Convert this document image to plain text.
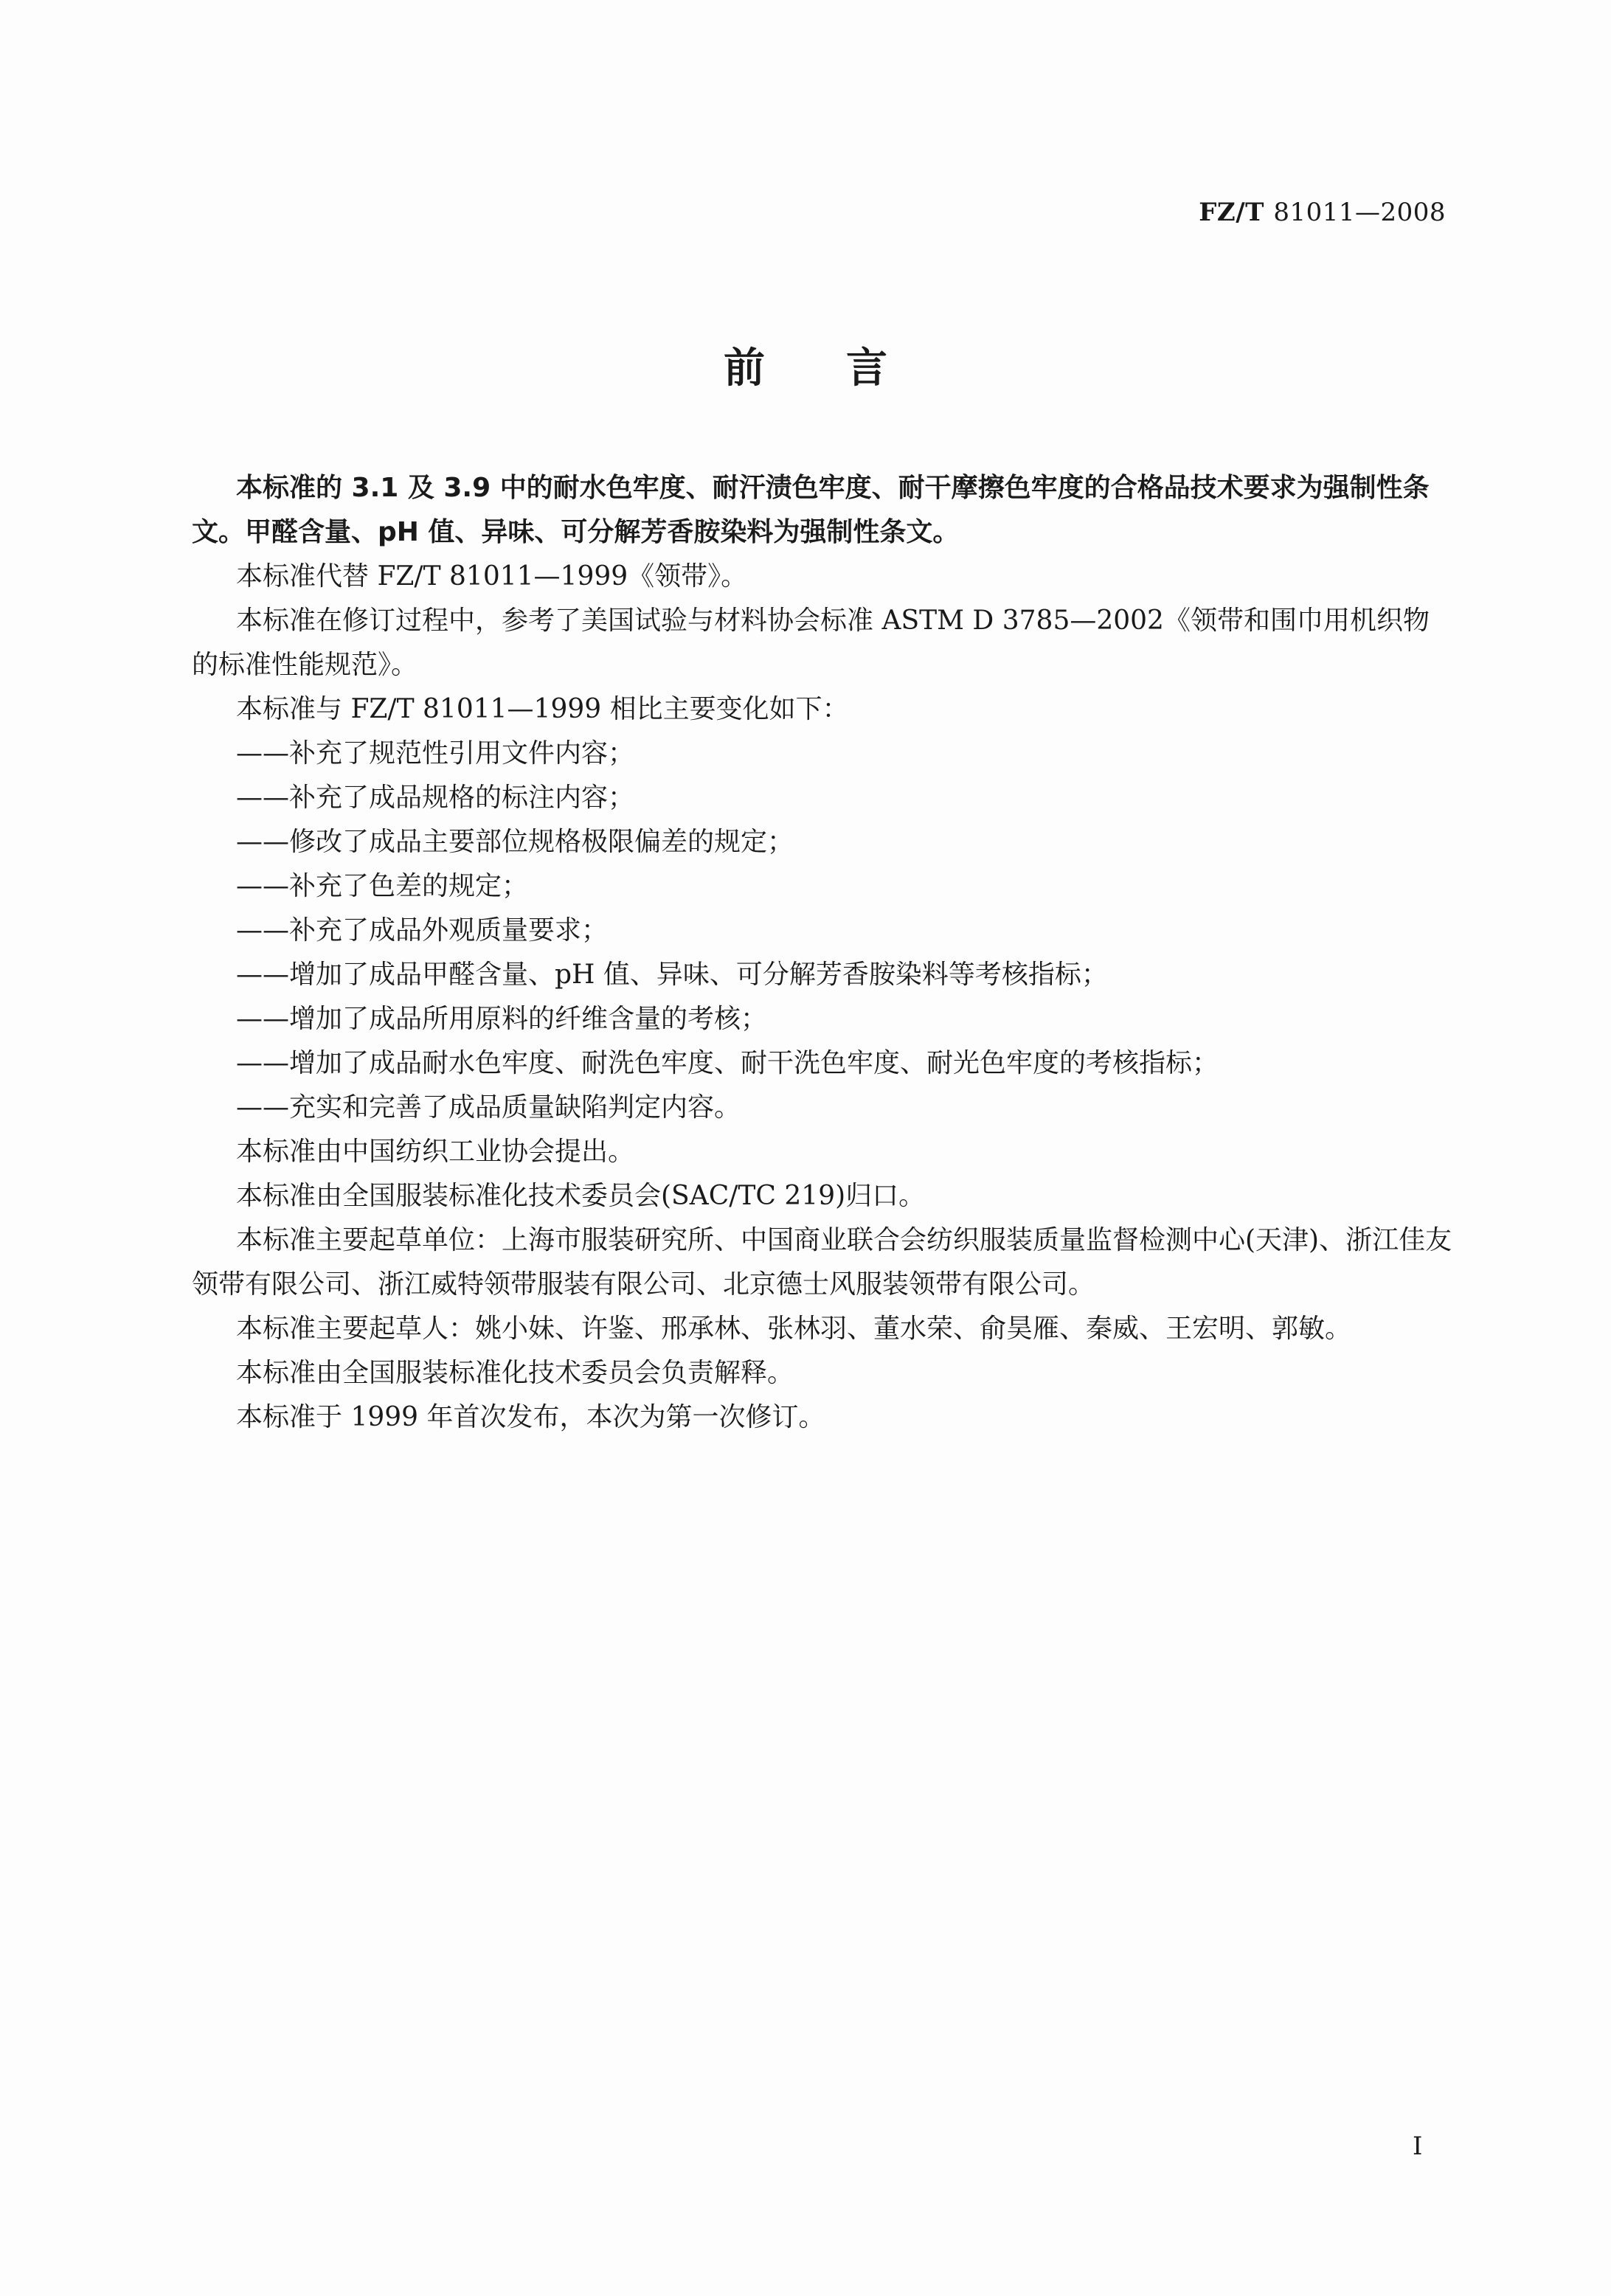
FZ/T 81011—2008
前言

本标准的 3.1 及 3.9 中的耐水色牢度、耐汗渍色牢度、耐干摩擦色牢度的合格品技术要求为强制性条文。甲醛含量、pH 值、异味、可分解芳香胺染料为强制性条文。

本标准代替 FZ/T 81011—1999《领带》。

本标准在修订过程中，参考了美国试验与材料协会标准 ASTM D 3785—2002《领带和围巾用机织物的标准性能规范》。

本标准与 FZ/T 81011—1999 相比主要变化如下：

——补充了规范性引用文件内容；

——补充了成品规格的标注内容；

——修改了成品主要部位规格极限偏差的规定；

——补充了色差的规定；

——补充了成品外观质量要求；

——增加了成品甲醛含量、pH 值、异味、可分解芳香胺染料等考核指标；

——增加了成品所用原料的纤维含量的考核；

——增加了成品耐水色牢度、耐洗色牢度、耐干洗色牢度、耐光色牢度的考核指标；

——充实和完善了成品质量缺陷判定内容。

本标准由中国纺织工业协会提出。

本标准由全国服装标准化技术委员会(SAC/TC 219)归口。

本标准主要起草单位：上海市服装研究所、中国商业联合会纺织服装质量监督检测中心(天津)、浙江佳友领带有限公司、浙江威特领带服装有限公司、北京德士风服装领带有限公司。

本标准主要起草人：姚小妹、许鉴、邢承林、张林羽、董水荣、俞昊雁、秦威、王宏明、郭敏。

本标准由全国服装标准化技术委员会负责解释。

本标准于 1999 年首次发布，本次为第一次修订。

I
